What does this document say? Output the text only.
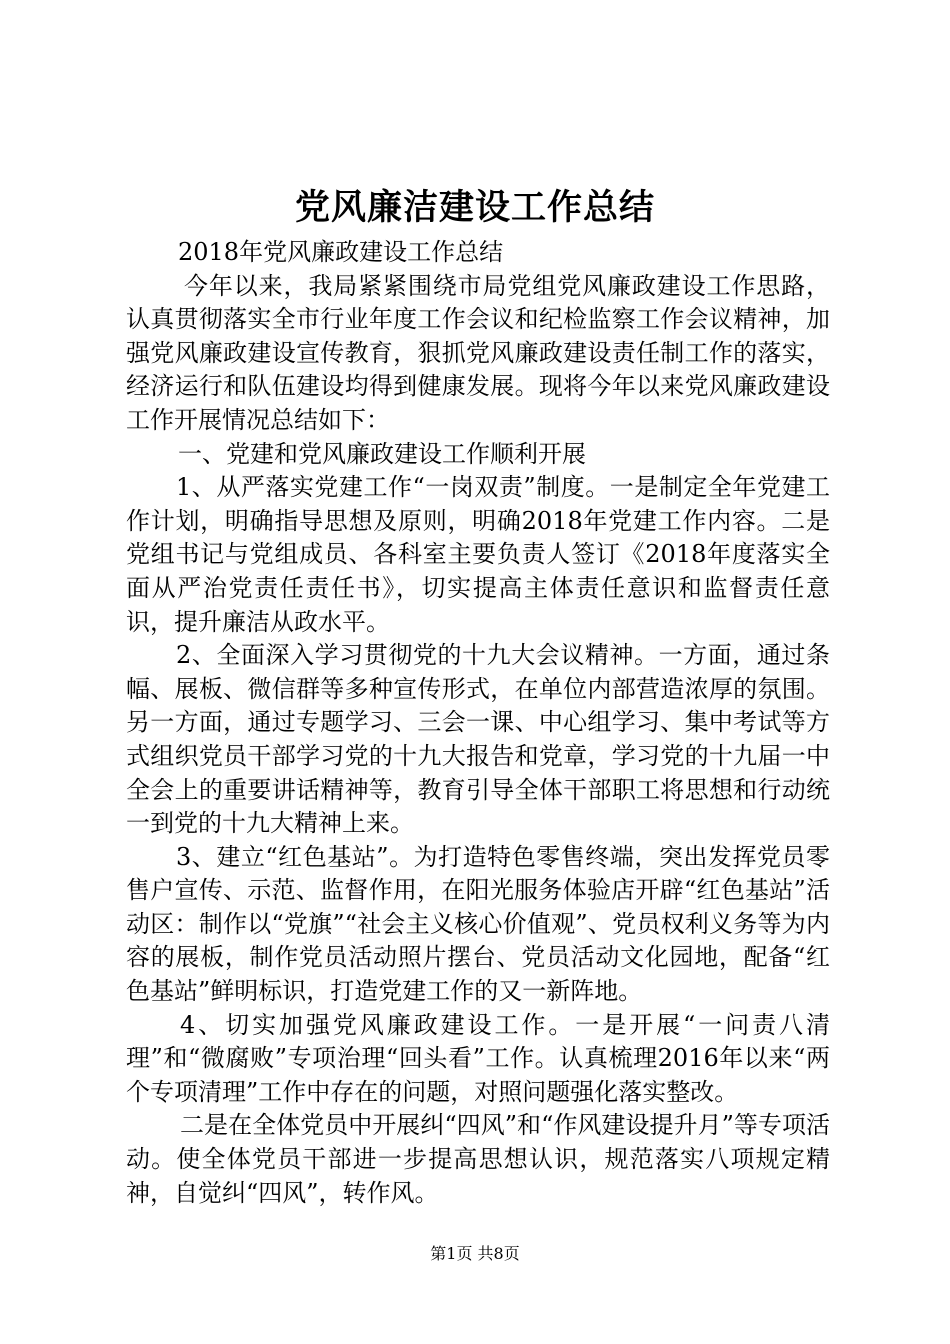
党风廉洁建设工作总结

2018年党风廉政建设工作总结

今年以来，我局紧紧围绕市局党组党风廉政建设工作思路，认真贯彻落实全市行业年度工作会议和纪检监察工作会议精神，加强党风廉政建设宣传教育，狠抓党风廉政建设责任制工作的落实，经济运行和队伍建设均得到健康发展。现将今年以来党风廉政建设工作开展情况总结如下：

一、党建和党风廉政建设工作顺利开展

1、从严落实党建工作“一岗双责”制度。一是制定全年党建工作计划，明确指导思想及原则，明确2018年党建工作内容。二是党组书记与党组成员、各科室主要负责人签订《2018年度落实全面从严治党责任责任书》，切实提高主体责任意识和监督责任意识，提升廉洁从政水平。

2、全面深入学习贯彻党的十九大会议精神。一方面，通过条幅、展板、微信群等多种宣传形式，在单位内部营造浓厚的氛围。另一方面，通过专题学习、三会一课、中心组学习、集中考试等方式组织党员干部学习党的十九大报告和党章，学习党的十九届一中全会上的重要讲话精神等，教育引导全体干部职工将思想和行动统一到党的十九大精神上来。

3、建立“红色基站”。为打造特色零售终端，突出发挥党员零售户宣传、示范、监督作用，在阳光服务体验店开辟“红色基站”活动区：制作以“党旗”“社会主义核心价值观”、党员权利义务等为内容的展板，制作党员活动照片摆台、党员活动文化园地，配备“红色基站”鲜明标识，打造党建工作的又一新阵地。

4、切实加强党风廉政建设工作。一是开展“一问责八清理”和“微腐败”专项治理“回头看”工作。认真梳理2016年以来“两个专项清理”工作中存在的问题，对照问题强化落实整改。

二是在全体党员中开展纠“四风”和“作风建设提升月”等专项活动。使全体党员干部进一步提高思想认识，规范落实八项规定精神，自觉纠“四风”，转作风。

第1页 共8页
